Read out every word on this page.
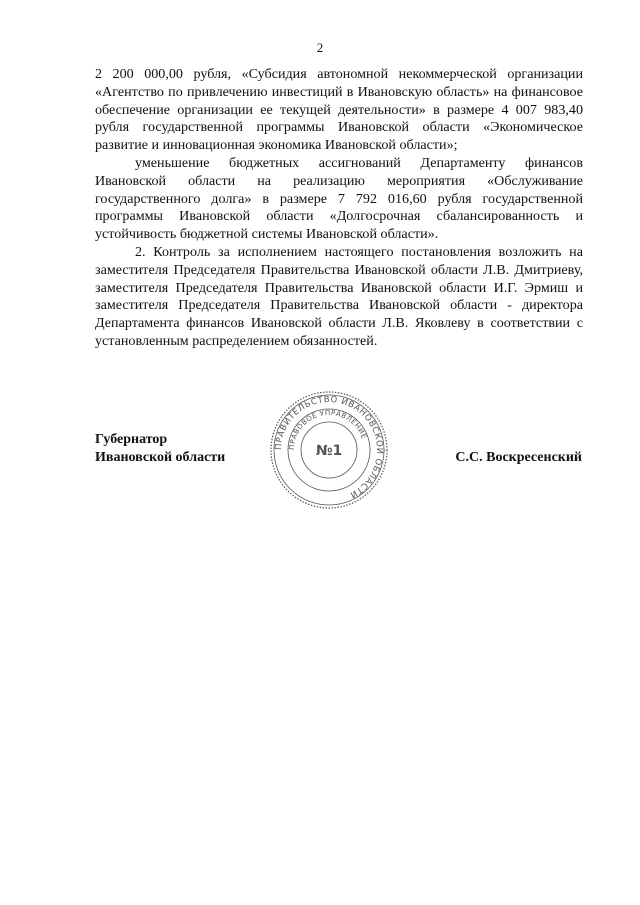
2

2 200 000,00 рубля, «Субсидия автономной некоммерческой организации «Агентство по привлечению инвестиций в Ивановскую область» на финансовое обеспечение организации ее текущей деятельности» в размере 4 007 983,40 рубля государственной программы Ивановской области «Экономическое развитие и инновационная экономика Ивановской области»;

уменьшение бюджетных ассигнований Департаменту финансов Ивановской области на реализацию мероприятия «Обслуживание государственного долга» в размере 7 792 016,60 рубля государственной программы Ивановской области «Долгосрочная сбалансированность и устойчивость бюджетной системы Ивановской области».

2. Контроль за исполнением настоящего постановления возложить на заместителя Председателя Правительства Ивановской области Л.В. Дмитриеву, заместителя Председателя Правительства Ивановской области И.Г. Эрмиш и заместителя Председателя Правительства Ивановской области - директора Департамента финансов Ивановской области Л.В. Яковлеву в соответствии с установленным распределением обязанностей.

Губернатор
Ивановской области
ПРАВИТЕЛЬСТВО ИВАНОВСКОЙ ОБЛАСТИ
ПРАВОВОЕ УПРАВЛЕНИЕ
№1	С.С. Воскресенский
